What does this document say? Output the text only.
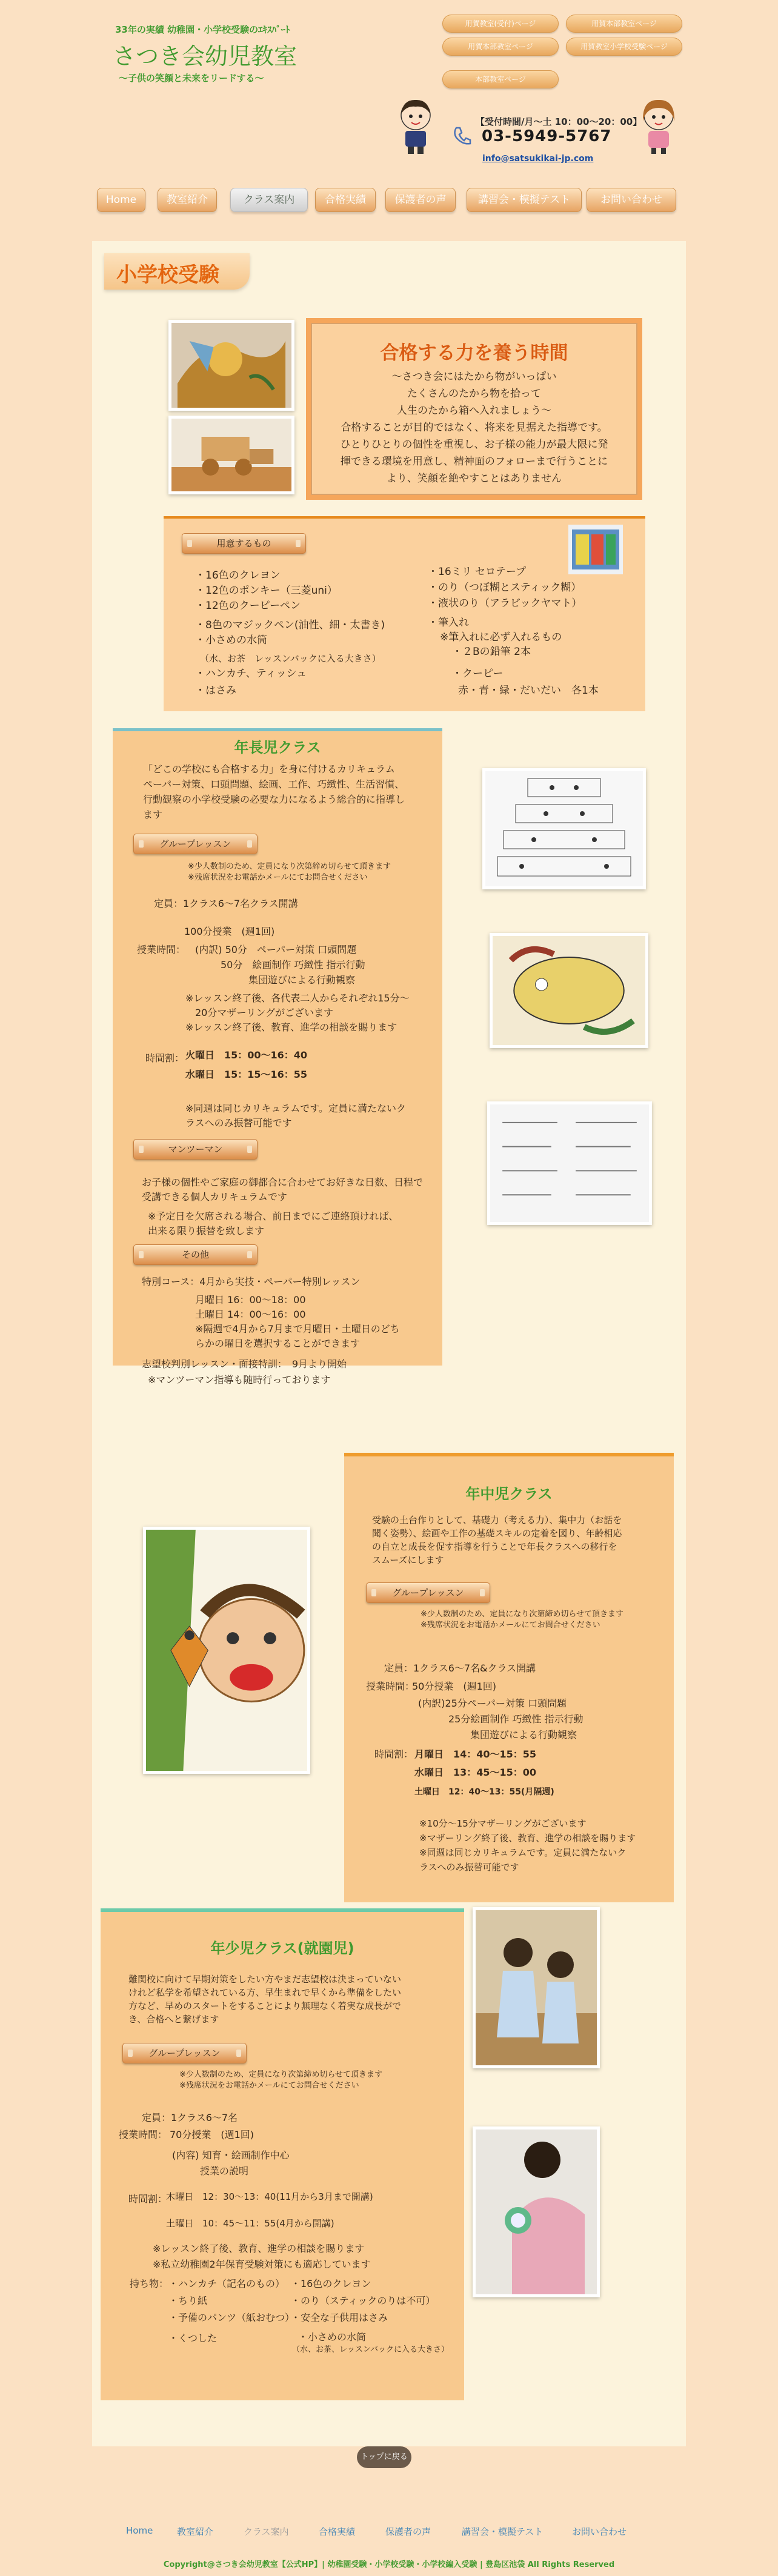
33年の実績 幼稚園・小学校受験のｴｷｽﾊﾟｰﾄ
さつき会幼児教室
〜子供の笑顔と未来をリードする〜
用賀教室(受付)ページ	用賀本部教室ページ
用賀本部教室ページ	用賀教室小学校受験ページ
本部教室ページ
【受付時間/月〜土 10：00〜20：00】
03-5949-5767
info@satsukikai-jp.com
Home	教室紹介	クラス案内	合格実績	保護者の声	講習会・模擬テスト	お問い合わせ
小学校受験
合格する力を養う時間

〜さつき会にはたから物がいっぱい

たくさんのたから物を拾って

人生のたから箱へ入れましょう〜

合格することが目的ではなく、将来を見据えた指導です。

ひとりひとりの個性を重視し、お子様の能力が最大限に発

揮できる環境を用意し、精神面のフォローまで行うことに

より、笑顔を絶やすことはありません

用意するもの
・16色のクレヨン
・12色のポンキー（三菱uni）
・12色のクーピーペン
・8色のマジックペン(油性、細・太書き)
・小さめの水筒
（水、お茶　レッスンバックに入る大きさ）
・ハンカチ、ティッシュ
・はさみ
・16ミリ セロテープ
・のり（つぼ糊とスティック糊）
・液状のり（アラビックヤマト）
・筆入れ
※筆入れに必ず入れるもの
・２Bの鉛筆 2本
・クーピー
赤・青・緑・だいだい　各1本
年長児クラス
「どこの学校にも合格する力」を身に付けるカリキュラム
ペーパー対策、口頭問題、絵画、工作、巧緻性、生活習慣、
行動観察の小学校受験の必要な力になるよう総合的に指導し
ます
グループレッスン
※少人数制のため、定員になり次第締め切らせて頂きます
※残席状況をお電話かメールにてお問合せください
定員：1クラス6〜7名クラス開講
100分授業　(週1回)
授業時間： (内訳) 50分　ペーパー対策 口頭問題
50分　絵画制作 巧緻性 指示行動
集団遊びによる行動観察
※レッスン終了後、各代表二人からそれぞれ15分〜
20分マザーリングがございます
※レッスン終了後、教育、進学の相談を賜ります
時間割： 火曜日　15：00〜16：40
水曜日　15：15〜16：55
※同週は同じカリキュラムです。定員に満たないク
ラスへのみ振替可能です
マンツーマン
お子様の個性やご家庭の御都合に合わせてお好きな日数、日程で
受講できる個人カリキュラムです
※予定日を欠席される場合、前日までにご連絡頂ければ、
出来る限り振替を致します
その他
特別コース：4月から実技・ペーパー特別レッスン
月曜日 16：00〜18：00
土曜日 14：00〜16：00
※隔週で4月から7月まで月曜日・土曜日のどち
らかの曜日を選択することができます
志望校判別レッスン・面接特訓：　9月より開始
※マンツーマン指導も随時行っております
年中児クラス
受験の土台作りとして、基礎力（考える力）、集中力（お話を
聞く姿勢）、絵画や工作の基礎スキルの定着を図り、年齢相応
の自立と成長を促す指導を行うことで年長クラスへの移行を
スムーズにします
グループレッスン
※少人数制のため、定員になり次第締め切らせて頂きます
※残席状況をお電話かメールにてお問合せください
定員：1クラス6〜7名&クラス開講
授業時間：
50分授業　(週1回)
(内訳)25分ペーパー対策 口頭問題
25分絵画制作 巧緻性 指示行動
集団遊びによる行動観察
時間割： 月曜日　14：40〜15：55
水曜日　13：45〜15：00
土曜日　12：40〜13：55(月隔週)
※10分〜15分マザーリングがございます
※マザーリング終了後、教育、進学の相談を賜ります
※同週は同じカリキュラムです。定員に満たないク
ラスへのみ振替可能です
年少児クラス(就園児)
難関校に向けて早期対策をしたい方やまだ志望校は決まっていない
けれど私学を希望されている方、早生まれで早くから準備をしたい
方など、早めのスタートをすることにより無理なく着実な成長がで
き、合格へと繋げます
グループレッスン
※少人数制のため、定員になり次第締め切らせて頂きます
※残席状況をお電話かメールにてお問合せください
定員：1クラス6〜7名
授業時間： 70分授業　(週1回)
(内容) 知育・絵画制作中心
授業の説明
時間割：
木曜日　12：30〜13：40(11月から3月まで開講)
土曜日　10：45〜11：55(4月から開講)
※レッスン終了後、教育、進学の相談を賜ります
※私立幼稚園2年保育受験対策にも適応しています
持ち物： ・ハンカチ（記名のもの）
・ちり紙
・予備のパンツ（紙おむつ）
・くつした
・16色のクレヨン
・のり（スティックのりは不可）
・安全な子供用はさみ
・小さめの水筒
（水、お茶、レッスンバックに入る大きさ）
トップに戻る
Home	教室紹介	クラス案内	合格実績	保護者の声	講習会・模擬テスト	お問い合わせ
Copyright@さつき会幼児教室【公式HP】| 幼稚園受験・小学校受験・小学校編入受験 | 豊島区池袋 All Rights Reserved
